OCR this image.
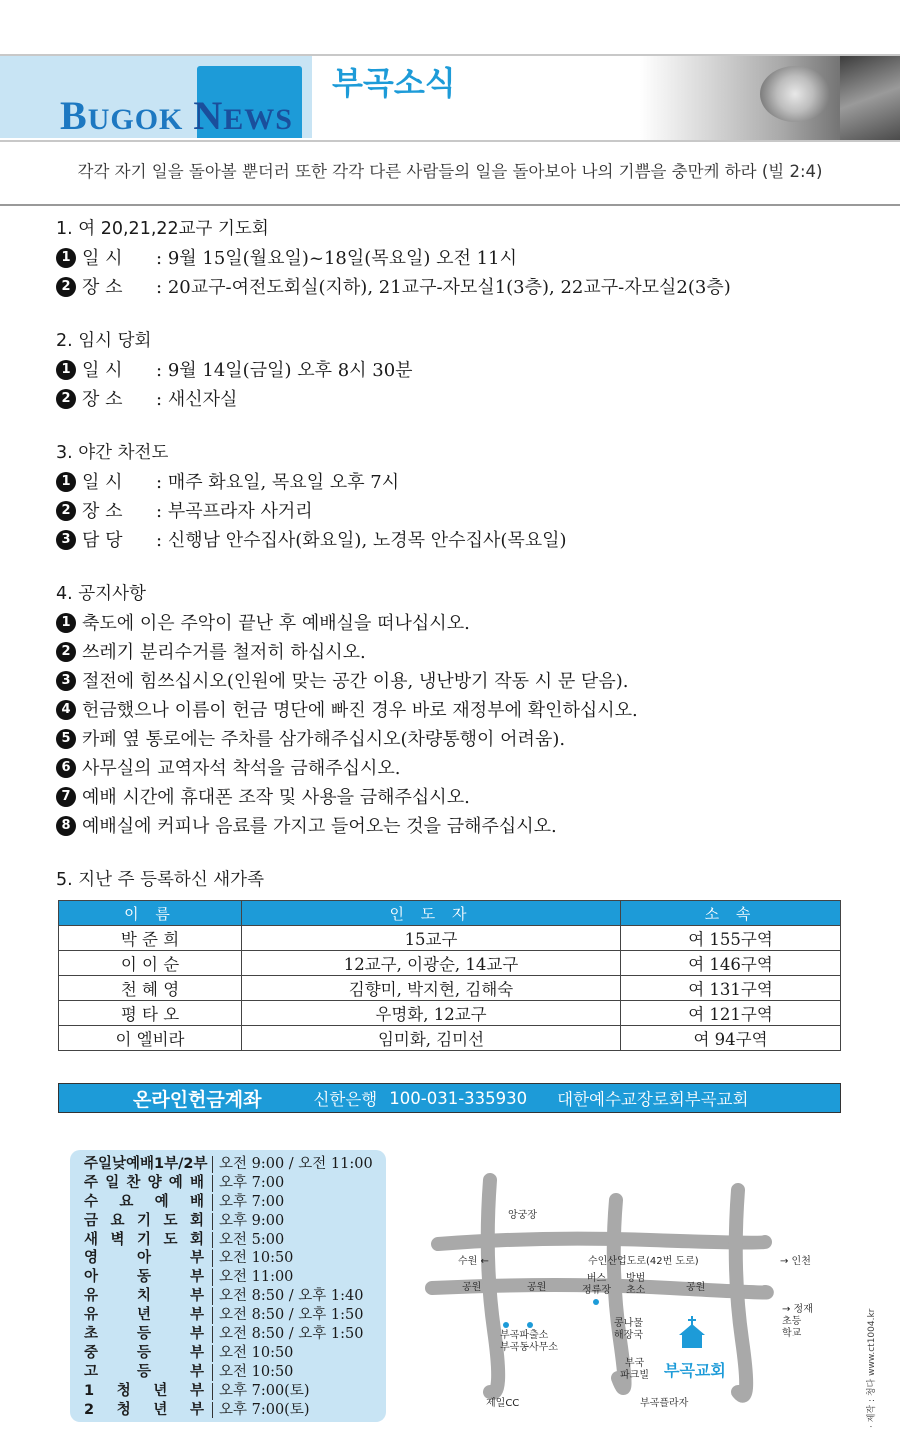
BUGOK NEWS
부곡소식
각각 자기 일을 돌아볼 뿐더러 또한 각각 다른 사람들의 일을 돌아보아 나의 기쁨을 충만케 하라 (빌 2:4)
1. 여 20,21,22교구 기도회
1 일 시	:
9월 15일(월요일)~18일(목요일) 오전 11시
2 장 소	:
20교구-여전도회실(지하), 21교구-자모실1(3층), 22교구-자모실2(3층)
2. 임시 당회
1 일 시	:
9월 14일(금일) 오후 8시 30분
2 장 소	:
새신자실
3. 야간 차전도
1 일 시	:
매주 화요일, 목요일 오후 7시
2 장 소	:
부곡프라자 사거리
3 담 당	:
신행남 안수집사(화요일), 노경목 안수집사(목요일)
4. 공지사항
1 축도에 이은 주악이 끝난 후 예배실을 떠나십시오.
2 쓰레기 분리수거를 철저히 하십시오.
3 절전에 힘쓰십시오(인원에 맞는 공간 이용, 냉난방기 작동 시 문 닫음).
4 헌금했으나 이름이 헌금 명단에 빠진 경우 바로 재정부에 확인하십시오.
5 카페 옆 통로에는 주차를 삼가해주십시오(차량통행이 어려움).
6 사무실의 교역자석 착석을 금해주십시오.
7 예배 시간에 휴대폰 조작 및 사용을 금해주십시오.
8 예배실에 커피나 음료를 가지고 들어오는 것을 금해주십시오.
5. 지난 주 등록하신 새가족
이 름	인 도 자	소 속
박 준 희	15교구	여 155구역
이 이 순	12교구, 이광순, 14교구	여 146구역
천 혜 영	김향미, 박지현, 김해숙	여 131구역
평 타 오	우명화, 12교구	여 121구역
이 엘비라	임미화, 김미선	여 94구역
온라인헌금계좌	신한은행 100-031-335930 대한예수교장로회부곡교회
주일낮예배1부/2부 오전 9:00 / 오전 11:00
주 일 찬 양 예 배 오후 7:00
수 요 예 배 오후 7:00
금 요 기 도 회 오후 9:00
새 벽 기 도 회 오전 5:00
영	아	부 오전 10:50
아	동	부 오전 11:00
유	치	부 오전 8:50 / 오후 1:40
유	년	부 오전 8:50 / 오후 1:50
초	등	부 오전 8:50 / 오후 1:50
중	등	부 오전 10:50
고	등	부 오전 10:50
1 청 년 부 오후 7:00(토)
2 청 년 부 오후 7:00(토)
앙궁장
수원 ←	수인산업도로(42번 도로)	→ 인천
공원	공원	공원
버스
정류장
방범
초소
→ 정재
초등
학교
부곡파출소
부곡동사무소
콩나물
해장국
부국
파크빌 부곡교회
제일CC	부곡플라자	· 제작 : 청다 www.ct1004.kr
